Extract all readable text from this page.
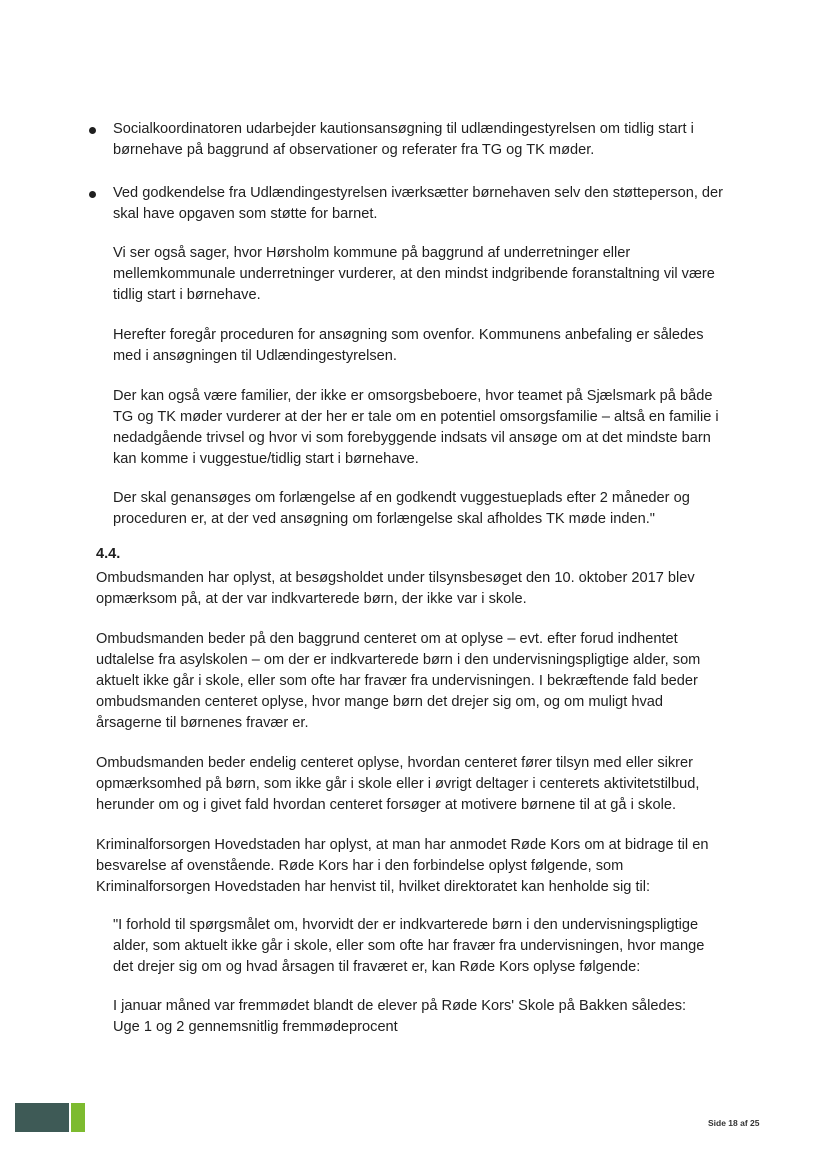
Socialkoordinatoren udarbejder kautionsansøgning til udlændingestyrelsen om tidlig start i børnehave på baggrund af observationer og referater fra TG og TK møder.

Ved godkendelse fra Udlændingestyrelsen iværksætter børnehaven selv den støtteperson, der skal have opgaven som støtte for barnet.

Vi ser også sager, hvor Hørsholm kommune på baggrund af underretninger eller mellemkommunale underretninger vurderer, at den mindst indgribende foranstaltning vil være tidlig start i børnehave.

Herefter foregår proceduren for ansøgning som ovenfor. Kommunens anbefaling er således med i ansøgningen til Udlændingestyrelsen.

Der kan også være familier, der ikke er omsorgsbeboere, hvor teamet på Sjælsmark på både TG og TK møder vurderer at der her er tale om en potentiel omsorgsfamilie – altså en familie i nedadgående trivsel og hvor vi som forebyggende indsats vil ansøge om at det mindste barn kan komme i vuggestue/tidlig start i børnehave.

Der skal genansøges om forlængelse af en godkendt vuggestueplads efter 2 måneder og proceduren er, at der ved ansøgning om forlængelse skal afholdes TK møde inden."

4.4.

Ombudsmanden har oplyst, at besøgsholdet under tilsynsbesøget den 10. oktober 2017 blev opmærksom på, at der var indkvarterede børn, der ikke var i skole.

Ombudsmanden beder på den baggrund centeret om at oplyse – evt. efter forud indhentet udtalelse fra asylskolen – om der er indkvarterede børn i den undervisningspligtige alder, som aktuelt ikke går i skole, eller som ofte har fravær fra undervisningen. I bekræftende fald beder ombudsmanden centeret oplyse, hvor mange børn det drejer sig om, og om muligt hvad årsagerne til børnenes fravær er.

Ombudsmanden beder endelig centeret oplyse, hvordan centeret fører tilsyn med eller sikrer opmærksomhed på børn, som ikke går i skole eller i øvrigt deltager i centerets aktivitetstilbud, herunder om og i givet fald hvordan centeret forsøger at motivere børnene til at gå i skole.

Kriminalforsorgen Hovedstaden har oplyst, at man har anmodet Røde Kors om at bidrage til en besvarelse af ovenstående. Røde Kors har i den forbindelse oplyst følgende, som Kriminalforsorgen Hovedstaden har henvist til, hvilket direktoratet kan henholde sig til:

"I forhold til spørgsmålet om, hvorvidt der er indkvarterede børn i den undervisningspligtige alder, som aktuelt ikke går i skole, eller som ofte har fravær fra undervisningen, hvor mange det drejer sig om og hvad årsagen til fraværet er, kan Røde Kors oplyse følgende:

I januar måned var fremmødet blandt de elever på Røde Kors' Skole på Bakken således:

Uge 1 og 2 gennemsnitlig fremmødeprocent

Side 18 af 25
